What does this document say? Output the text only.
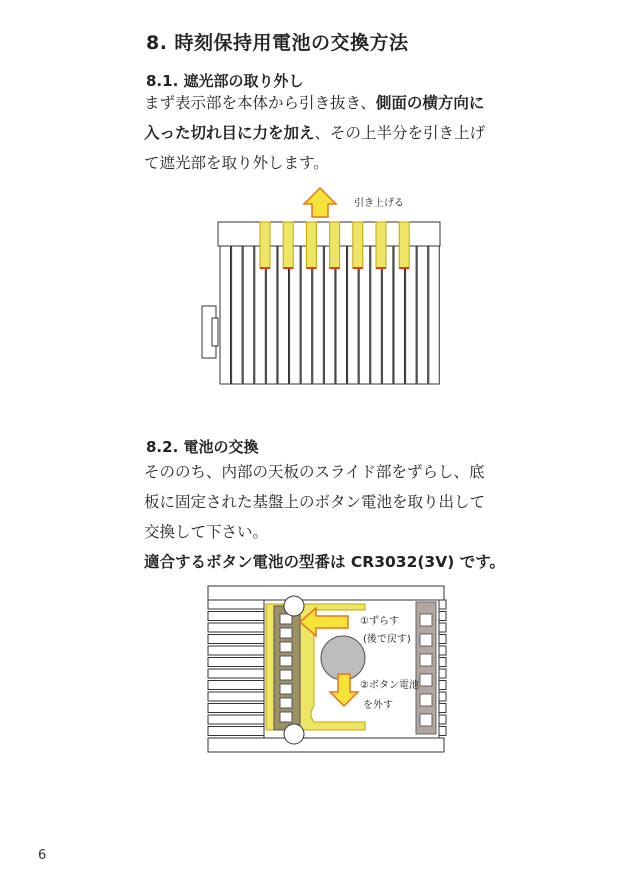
8. 時刻保持用電池の交換方法
8.1. 遮光部の取り外し
まず表示部を本体から引き抜き、側面の横方向に
入った切れ目に力を加え、その上半分を引き上げ
て遮光部を取り外します。
引き上げる
8.2. 電池の交換
そののち、内部の天板のスライド部をずらし、底
板に固定された基盤上のボタン電池を取り出して
交換して下さい。
適合するボタン電池の型番は CR3032(3V) です。
①ずらす
(後で戻す)
②ボタン電池
を外す
6
